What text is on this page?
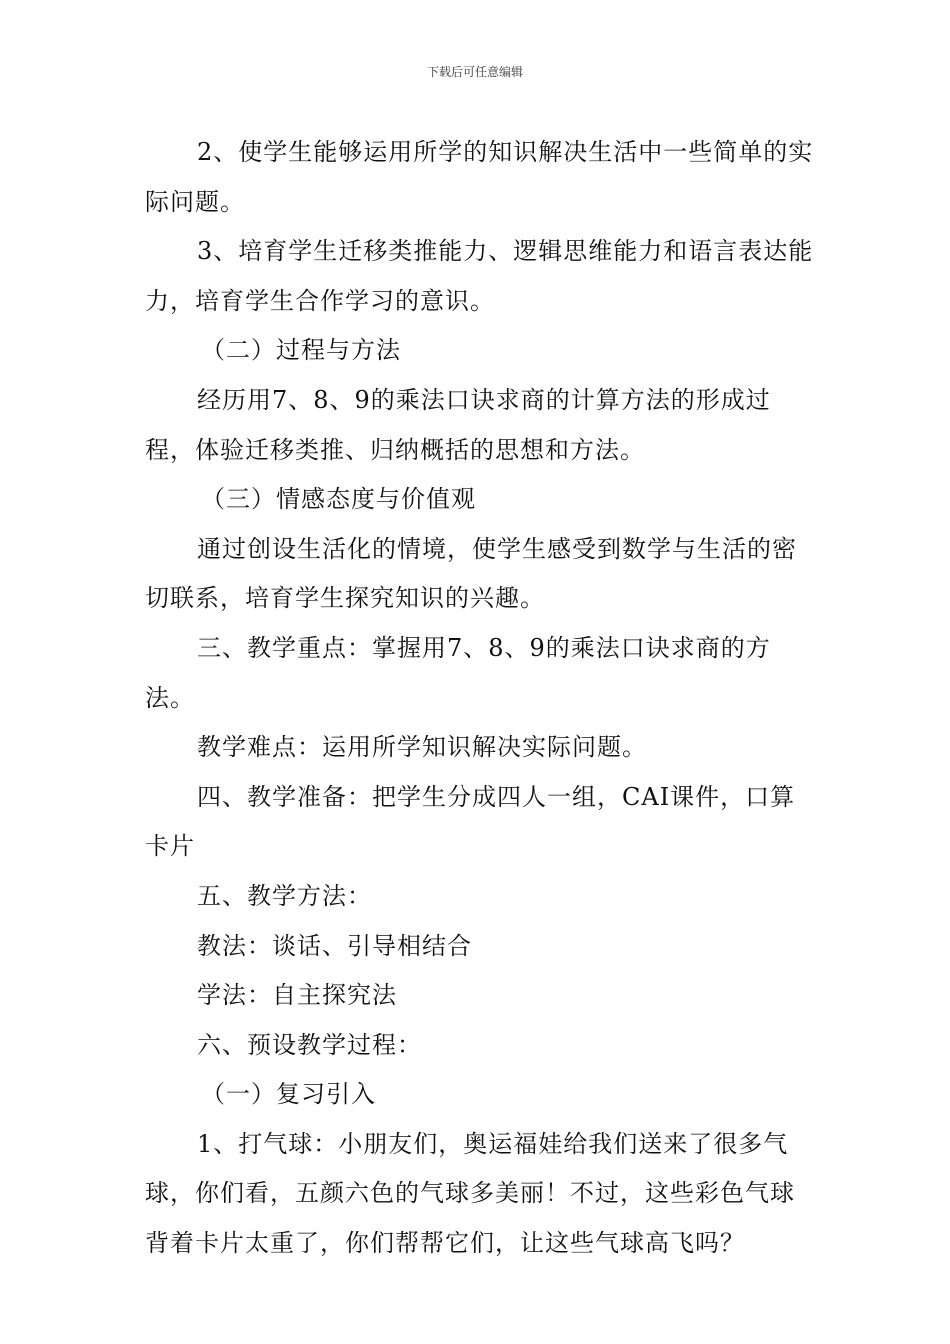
下载后可任意编辑

2、使学生能够运用所学的知识解决生活中一些简单的实际问题。

3、培育学生迁移类推能力、逻辑思维能力和语言表达能力，培育学生合作学习的意识。

（二）过程与方法

经历用7、8、9的乘法口诀求商的计算方法的形成过程，体验迁移类推、归纳概括的思想和方法。

（三）情感态度与价值观

通过创设生活化的情境，使学生感受到数学与生活的密切联系，培育学生探究知识的兴趣。

三、教学重点：掌握用7、8、9的乘法口诀求商的方法。

教学难点：运用所学知识解决实际问题。

四、教学准备：把学生分成四人一组，CAI课件，口算卡片

五、教学方法：

教法：谈话、引导相结合

学法：自主探究法

六、预设教学过程：

（一）复习引入

1、打气球：小朋友们，奥运福娃给我们送来了很多气球，你们看，五颜六色的气球多美丽！不过，这些彩色气球背着卡片太重了，你们帮帮它们，让这些气球高飞吗？
